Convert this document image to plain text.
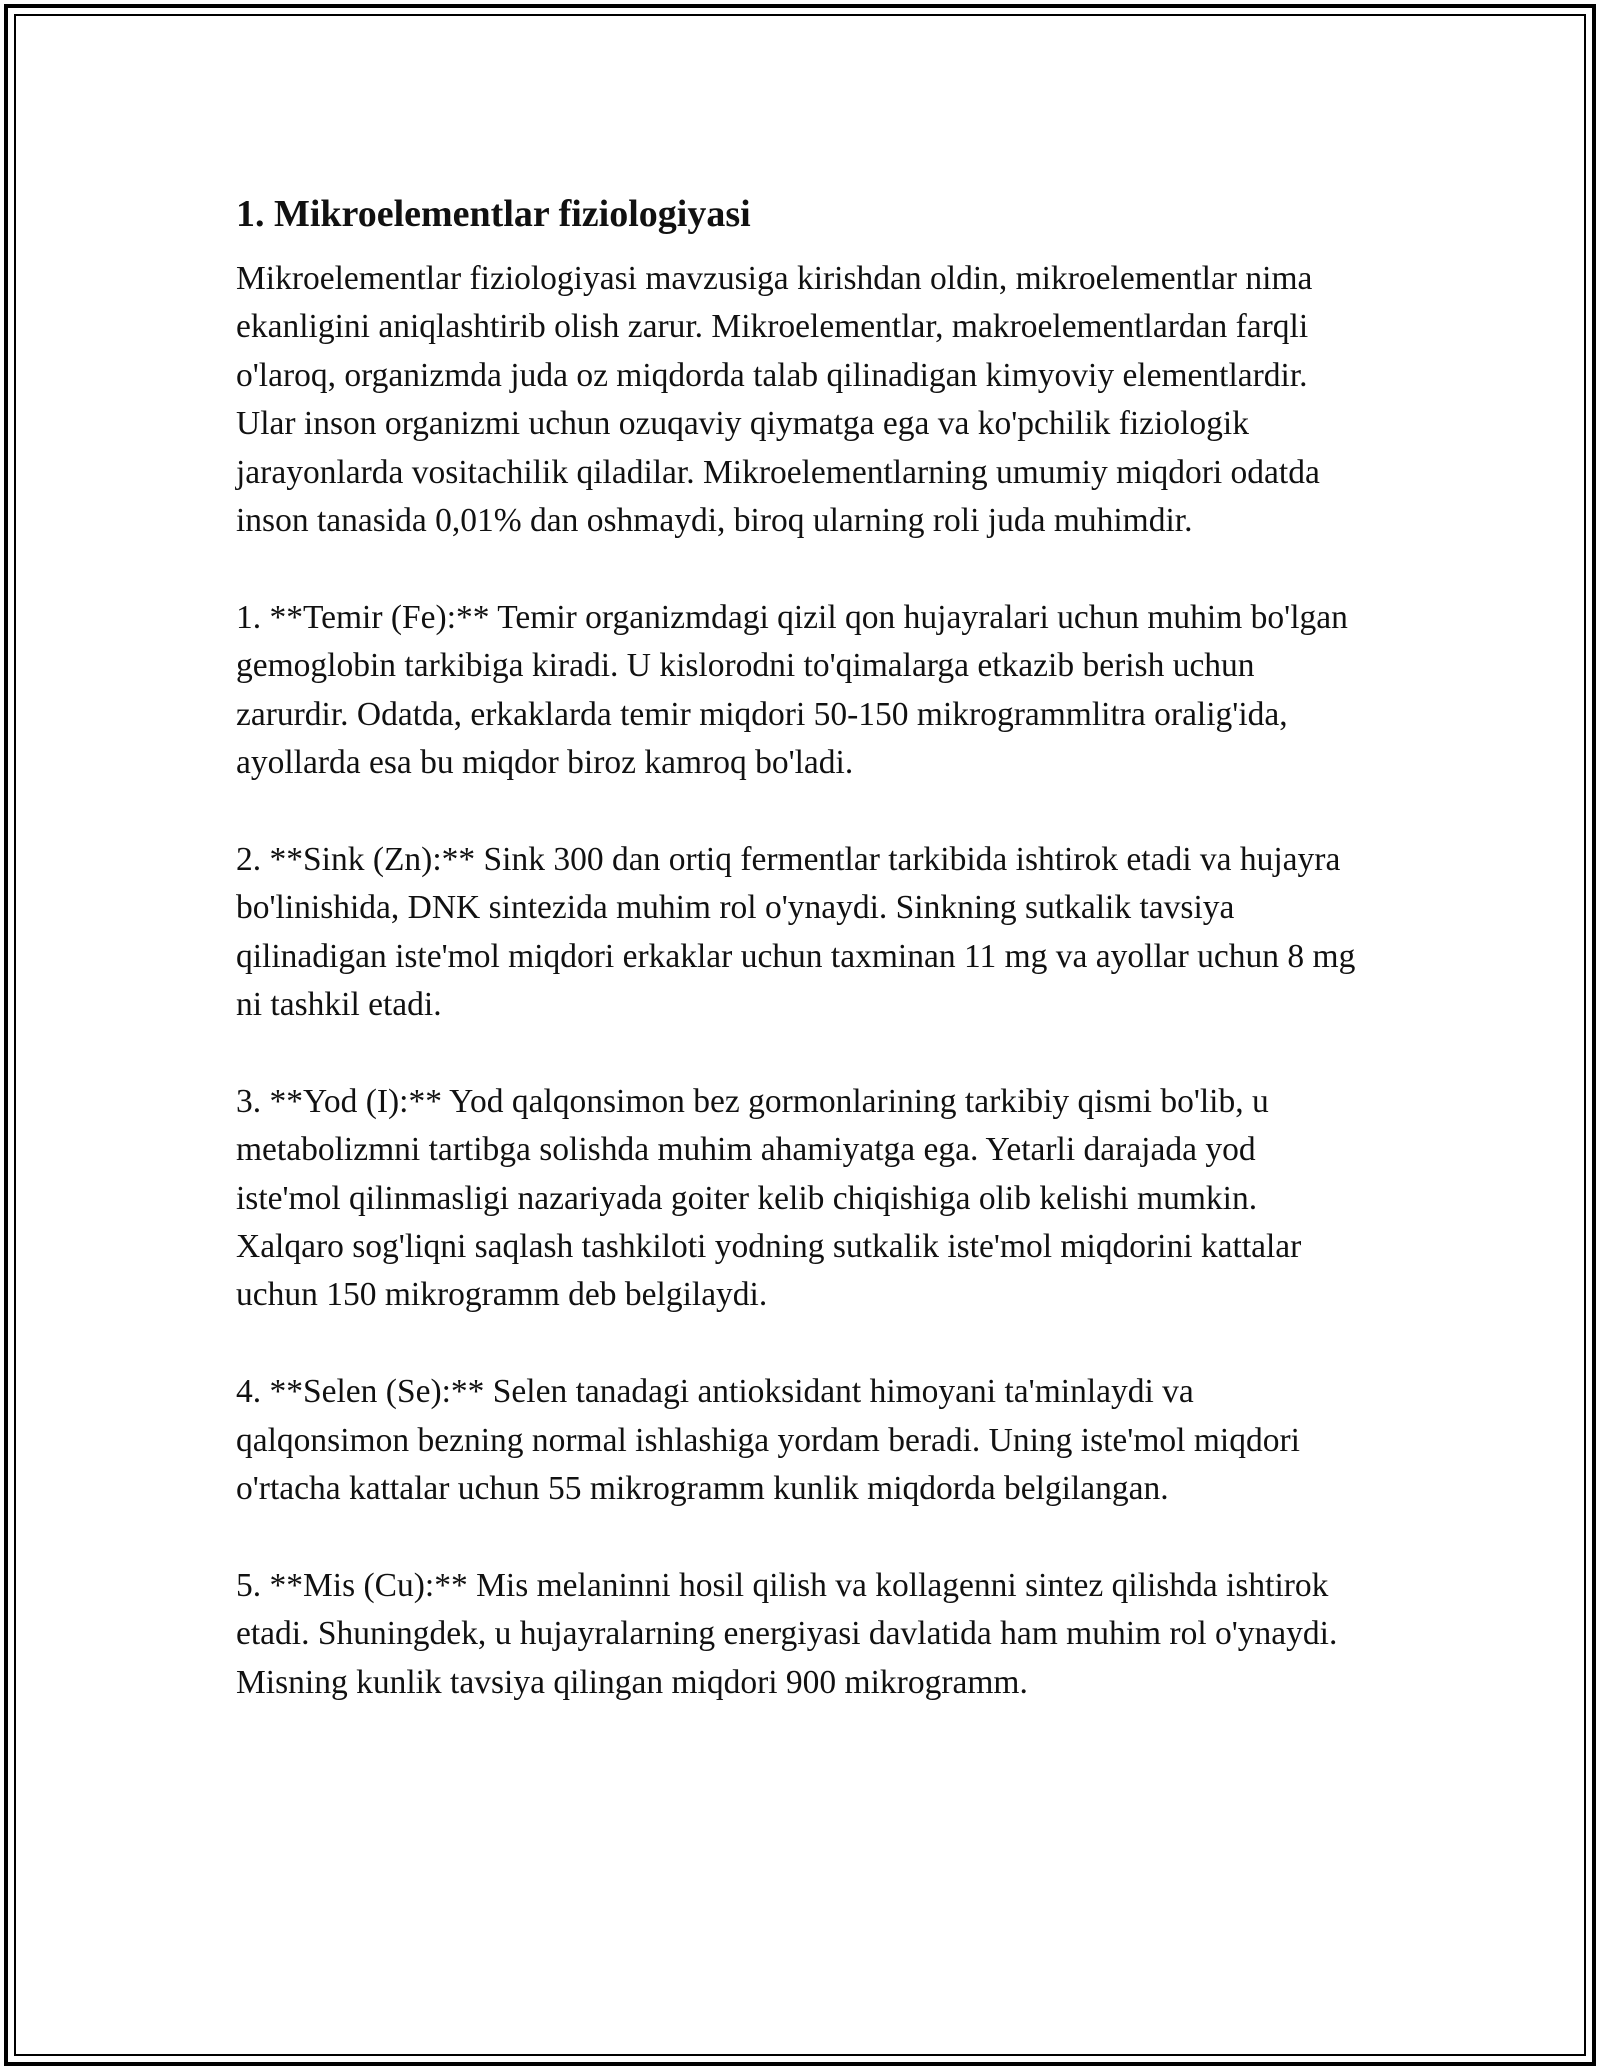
1. Mikroelementlar fiziologiyasi

Mikroelementlar fiziologiyasi mavzusiga kirishdan oldin, mikroelementlar nima ekanligini aniqlashtirib olish zarur. Mikroelementlar, makroelementlardan farqli o'laroq, organizmda juda oz miqdorda talab qilinadigan kimyoviy elementlardir. Ular inson organizmi uchun ozuqaviy qiymatga ega va ko'pchilik fiziologik jarayonlarda vositachilik qiladilar. Mikroelementlarning umumiy miqdori odatda inson tanasida 0,01% dan oshmaydi, biroq ularning roli juda muhimdir.

1. **Temir (Fe):** Temir organizmdagi qizil qon hujayralari uchun muhim bo'lgan gemoglobin tarkibiga kiradi. U kislorodni to'qimalarga etkazib berish uchun zarurdir. Odatda, erkaklarda temir miqdori 50-150 mikrogrammlitra oralig'ida, ayollarda esa bu miqdor biroz kamroq bo'ladi.

2. **Sink (Zn):** Sink 300 dan ortiq fermentlar tarkibida ishtirok etadi va hujayra bo'linishida, DNK sintezida muhim rol o'ynaydi. Sinkning sutkalik tavsiya qilinadigan iste'mol miqdori erkaklar uchun taxminan 11 mg va ayollar uchun 8 mg ni tashkil etadi.

3. **Yod (I):** Yod qalqonsimon bez gormonlarining tarkibiy qismi bo'lib, u metabolizmni tartibga solishda muhim ahamiyatga ega. Yetarli darajada yod iste'mol qilinmasligi nazariyada goiter kelib chiqishiga olib kelishi mumkin. Xalqaro sog'liqni saqlash tashkiloti yodning sutkalik iste'mol miqdorini kattalar uchun 150 mikrogramm deb belgilaydi.

4. **Selen (Se):** Selen tanadagi antioksidant himoyani ta'minlaydi va qalqonsimon bezning normal ishlashiga yordam beradi. Uning iste'mol miqdori o'rtacha kattalar uchun 55 mikrogramm kunlik miqdorda belgilangan.

5. **Mis (Cu):** Mis melaninni hosil qilish va kollagenni sintez qilishda ishtirok etadi. Shuningdek, u hujayralarning energiyasi davlatida ham muhim rol o'ynaydi. Misning kunlik tavsiya qilingan miqdori 900 mikrogramm.
